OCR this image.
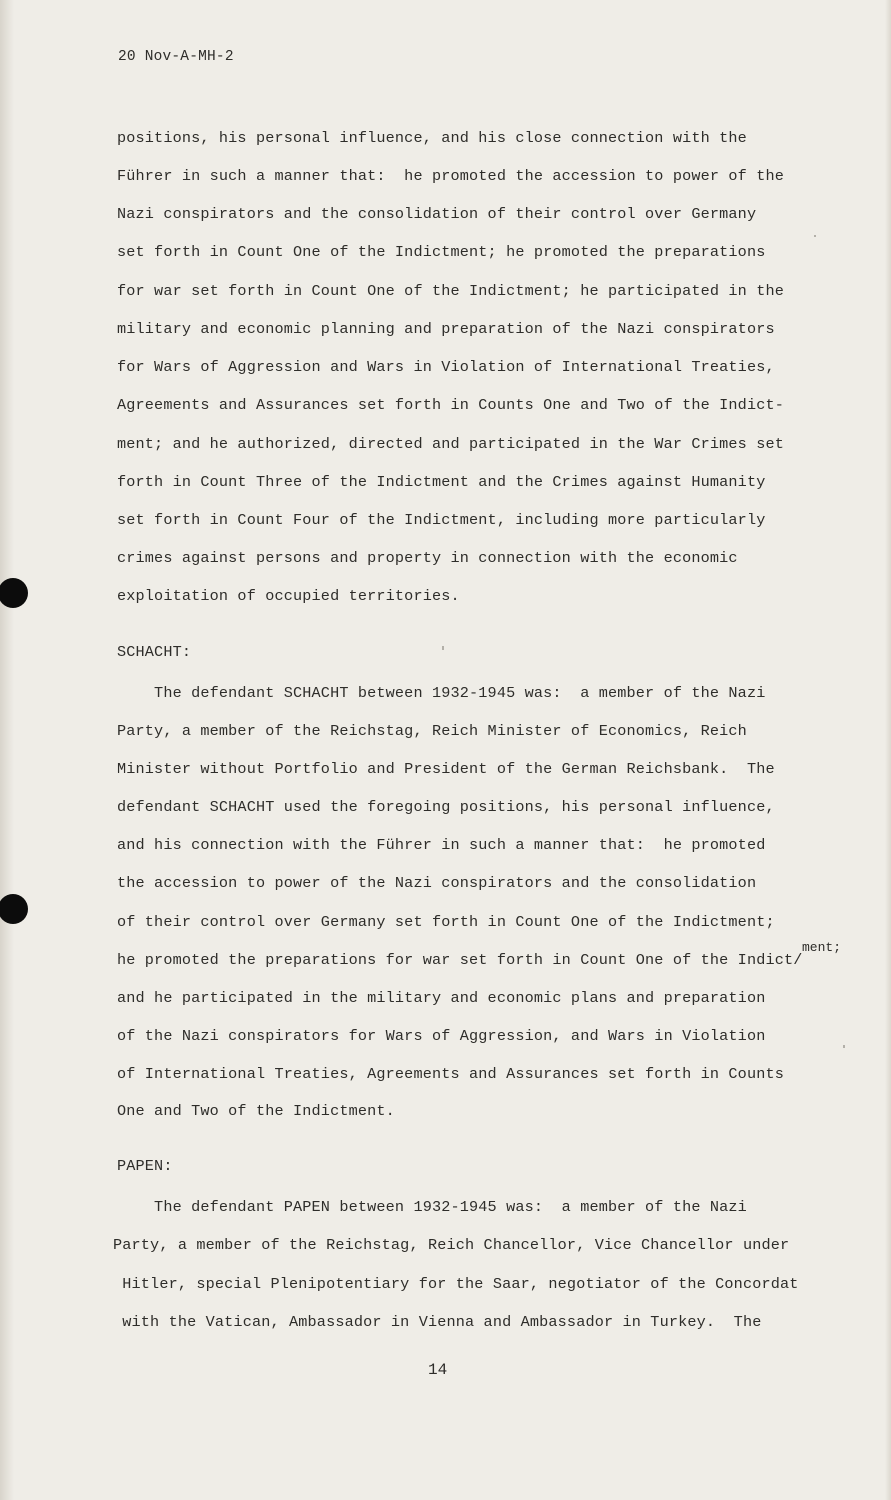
20 Nov-A-MH-2
positions, his personal influence, and his close connection with the
Führer in such a manner that:  he promoted the accession to power of the
Nazi conspirators and the consolidation of their control over Germany
set forth in Count One of the Indictment; he promoted the preparations
for war set forth in Count One of the Indictment; he participated in the
military and economic planning and preparation of the Nazi conspirators
for Wars of Aggression and Wars in Violation of International Treaties,
Agreements and Assurances set forth in Counts One and Two of the Indict-
ment; and he authorized, directed and participated in the War Crimes set
forth in Count Three of the Indictment and the Crimes against Humanity
set forth in Count Four of the Indictment, including more particularly
crimes against persons and property in connection with the economic
exploitation of occupied territories.
SCHACHT:
The defendant SCHACHT between 1932-1945 was:  a member of the Nazi
Party, a member of the Reichstag, Reich Minister of Economics, Reich
Minister without Portfolio and President of the German Reichsbank.  The
defendant SCHACHT used the foregoing positions, his personal influence,
and his connection with the Führer in such a manner that:  he promoted
the accession to power of the Nazi conspirators and the consolidation
of their control over Germany set forth in Count One of the Indictment;
he promoted the preparations for war set forth in Count One of the Indict/
ment;
and he participated in the military and economic plans and preparation
of the Nazi conspirators for Wars of Aggression, and Wars in Violation
of International Treaties, Agreements and Assurances set forth in Counts
One and Two of the Indictment.
PAPEN:
The defendant PAPEN between 1932-1945 was:  a member of the Nazi
Party, a member of the Reichstag, Reich Chancellor, Vice Chancellor under
Hitler, special Plenipotentiary for the Saar, negotiator of the Concordat
with the Vatican, Ambassador in Vienna and Ambassador in Turkey.  The
14
